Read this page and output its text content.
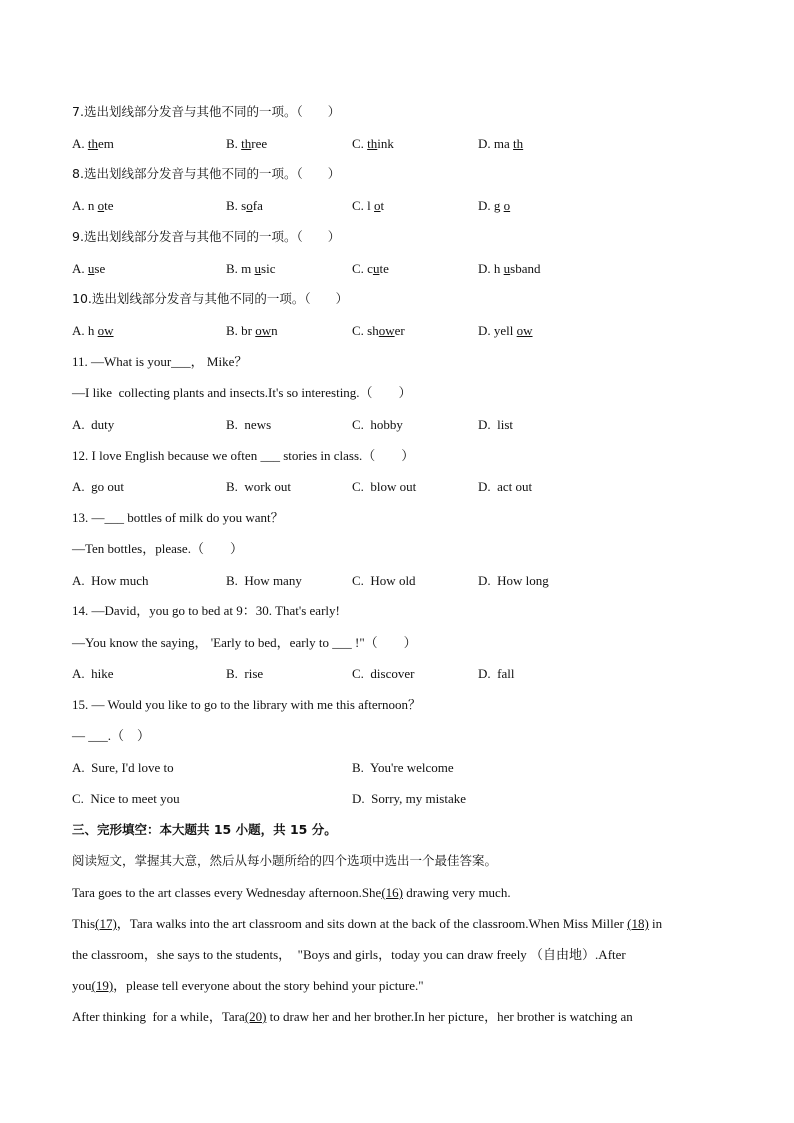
7.选出划线部分发音与其他不同的一项。（　　）
A. them	B. three	C. think	D. ma th
8.选出划线部分发音与其他不同的一项。（　　）
A. n ote	B. sofa	C. l ot	D. g o
9.选出划线部分发音与其他不同的一项。（　　）
A. use	B. m usic	C. cute	D. h usband
10.选出划线部分发音与其他不同的一项。（　　）
A. h ow	B. br own	C. shower	D. yell ow
11. —What is your___， Mike？
—I like  collecting plants and insects.It's so interesting.（　　）
A.  duty	B.  news	C.  hobby	D.  list
12. I love English because we often ___ stories in class.（　　）
A.  go out	B.  work out	C.  blow out	D.  act out
13. —___ bottles of milk do you want？
—Ten bottles，please.（　　）
A.  How much	B.  How many	C.  How old	D.  How long
14. —David，you go to bed at 9：30. That's early!
—You know the saying， 'Early to bed，early to ___ !"（　　）
A.  hike	B.  rise	C.  discover	D.  fall
15. — Would you like to go to the library with me this afternoon？
— ___.（　）
A.  Sure, I'd love to	B.  You're welcome
C.  Nice to meet you	D.  Sorry, my mistake
三、完形填空：本大题共 15 小题，共 15 分。
阅读短文，掌握其大意，然后从每小题所给的四个选项中选出一个最佳答案。
Tara goes to the art classes every Wednesday afternoon.She(16) drawing very much.
This(17)，Tara walks into the art classroom and sits down at the back of the classroom.When Miss Miller (18) in
the classroom，she says to the students，  "Boys and girls，today you can draw freely （自由地）.After
you(19)，please tell everyone about the story behind your picture."
After thinking  for a while，Tara(20) to draw her and her brother.In her picture，her brother is watching an
